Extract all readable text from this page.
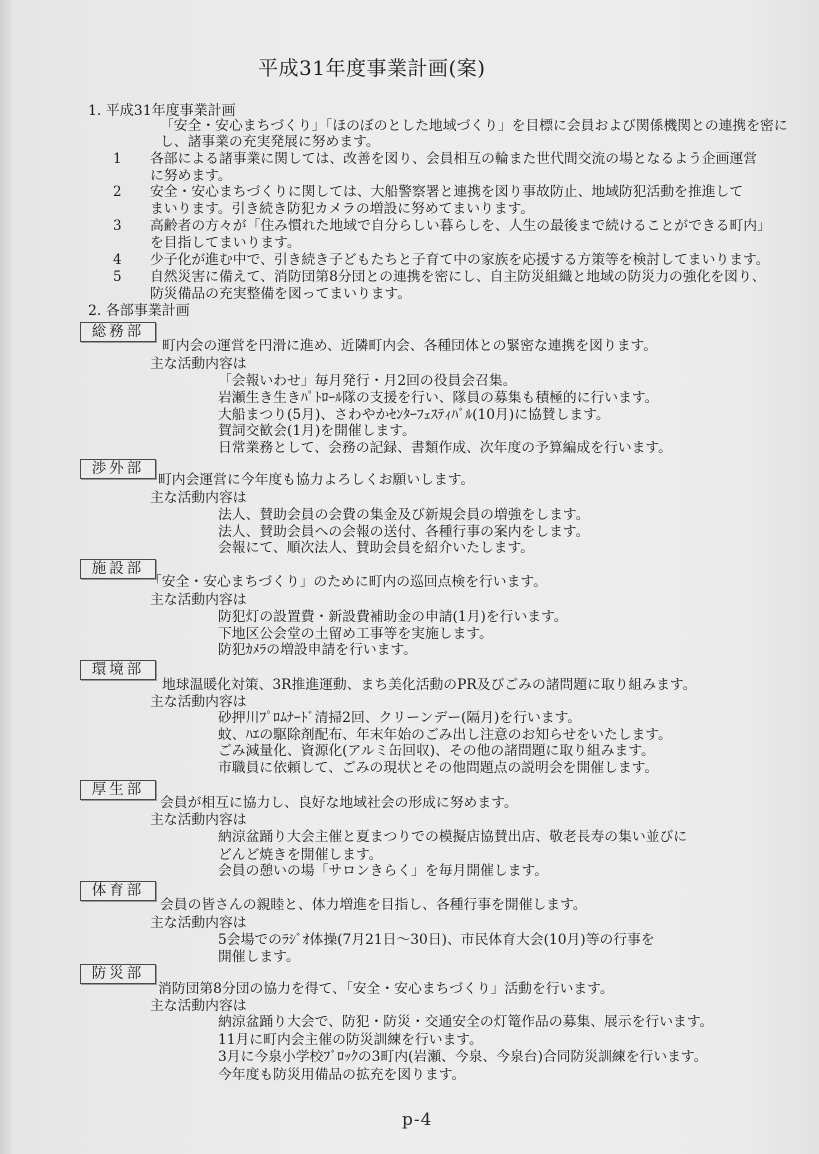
平成31年度事業計画(案)
1. 平成31年度事業計画
「安全・安心まちづくり」「ほのぼのとした地域づくり」を目標に会員および関係機関との連携を密に
し、諸事業の充実発展に努めます。
1 各部による諸事業に関しては、改善を図り、会員相互の輪また世代間交流の場となるよう企画運営
に努めます。
2 安全・安心まちづくりに関しては、大船警察署と連携を図り事故防止、地域防犯活動を推進して
まいります。引き続き防犯カメラの増設に努めてまいります。
3 高齢者の方々が「住み慣れた地域で自分らしい暮らしを、人生の最後まで続けることができる町内」
を目指してまいります。
4 少子化が進む中で、引き続き子どもたちと子育て中の家族を応援する方策等を検討してまいります。
5 自然災害に備えて、消防団第8分団との連携を密にし、自主防災組織と地域の防災力の強化を図り、
防災備品の充実整備を図ってまいります。
2. 各部事業計画
総務部
町内会の運営を円滑に進め、近隣町内会、各種団体との緊密な連携を図ります。
主な活動内容は
「会報いわせ」毎月発行・月2回の役員会召集。
岩瀬生き生きﾊﾟﾄﾛｰﾙ隊の支援を行い、隊員の募集も積極的に行います。
大船まつり(5月)、さわやかｾﾝﾀｰﾌｪｽﾃｨﾊﾞﾙ(10月)に協賛します。
賀詞交歓会(1月)を開催します。
日常業務として、会務の記録、書類作成、次年度の予算編成を行います。
渉外部
町内会運営に今年度も協力よろしくお願いします。
主な活動内容は
法人、賛助会員の会費の集金及び新規会員の増強をします。
法人、賛助会員への会報の送付、各種行事の案内をします。
会報にて、順次法人、賛助会員を紹介いたします。
施設部
「安全・安心まちづくり」のために町内の巡回点検を行います。
主な活動内容は
防犯灯の設置費・新設費補助金の申請(1月)を行います。
下地区公会堂の土留め工事等を実施します。
防犯ｶﾒﾗの増設申請を行います。
環境部
地球温暖化対策、3R推進運動、まち美化活動のPR及びごみの諸問題に取り組みます。
主な活動内容は
砂押川ﾌﾟﾛﾑﾅｰﾄﾞ清掃2回、クリーンデー(隔月)を行います。
蚊、ﾊｴの駆除剤配布、年末年始のごみ出し注意のお知らせをいたします。
ごみ減量化、資源化(アルミ缶回収)、その他の諸問題に取り組みます。
市職員に依頼して、ごみの現状とその他問題点の説明会を開催します。
厚生部
会員が相互に協力し、良好な地域社会の形成に努めます。
主な活動内容は
納涼盆踊り大会主催と夏まつりでの模擬店協賛出店、敬老長寿の集い並びに
どんど焼きを開催します。
会員の憩いの場「サロンきらく」を毎月開催します。
体育部
会員の皆さんの親睦と、体力増進を目指し、各種行事を開催します。
主な活動内容は
5会場でのﾗｼﾞｵ体操(7月21日～30日)、市民体育大会(10月)等の行事を
開催します。
防災部
消防団第8分団の協力を得て、「安全・安心まちづくり」活動を行います。
主な活動内容は
納涼盆踊り大会で、防犯・防災・交通安全の灯篭作品の募集、展示を行います。
11月に町内会主催の防災訓練を行います。
3月に今泉小学校ﾌﾞﾛｯｸの3町内(岩瀬、今泉、今泉台)合同防災訓練を行います。
今年度も防災用備品の拡充を図ります。
p-4
